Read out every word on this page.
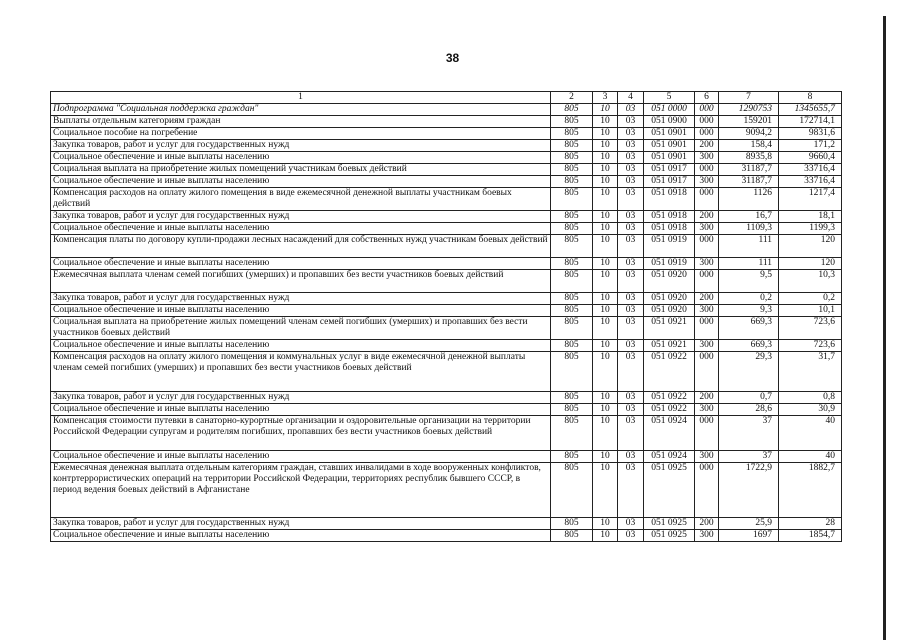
38
1	2	3	4	5	6	7	8
Подпрограмма "Социальная поддержка граждан"	805	10	03	051 0000	000	1290753	1345655,7
Выплаты отдельным категориям граждан	805	10	03	051 0900	000	159201	172714,1
Социальное пособие на погребение	805	10	03	051 0901	000	9094,2	9831,6
Закупка товаров, работ и услуг для государственных нужд	805	10	03	051 0901	200	158,4	171,2
Социальное обеспечение и иные выплаты населению	805	10	03	051 0901	300	8935,8	9660,4
Социальная выплата на приобретение жилых помещений участникам боевых действий	805	10	03	051 0917	000	31187,7	33716,4
Социальное обеспечение и иные выплаты населению	805	10	03	051 0917	300	31187,7	33716,4
Компенсация расходов на оплату жилого помещения в виде ежемесячной денежной выплаты участникам боевых действий	805	10	03	051 0918	000	1126	1217,4
Закупка товаров, работ и услуг для государственных нужд	805	10	03	051 0918	200	16,7	18,1
Социальное обеспечение и иные выплаты населению	805	10	03	051 0918	300	1109,3	1199,3
Компенсация платы по договору купли-продажи лесных насаждений для собственных нужд участникам боевых действий	805	10	03	051 0919	000	111	120
Социальное обеспечение и иные выплаты населению	805	10	03	051 0919	300	111	120
Ежемесячная выплата членам семей погибших (умерших) и пропавших без вести участников боевых действий	805	10	03	051 0920	000	9,5	10,3
Закупка товаров, работ и услуг для государственных нужд	805	10	03	051 0920	200	0,2	0,2
Социальное обеспечение и иные выплаты населению	805	10	03	051 0920	300	9,3	10,1
Социальная выплата на приобретение жилых помещений членам семей погибших (умерших) и пропавших без вести участников боевых действий	805	10	03	051 0921	000	669,3	723,6
Социальное обеспечение и иные выплаты населению	805	10	03	051 0921	300	669,3	723,6
Компенсация расходов на оплату жилого помещения и коммунальных услуг в виде ежемесячной денежной выплаты членам семей погибших (умерших) и пропавших без вести участников боевых действий	805	10	03	051 0922	000	29,3	31,7
Закупка товаров, работ и услуг для государственных нужд	805	10	03	051 0922	200	0,7	0,8
Социальное обеспечение и иные выплаты населению	805	10	03	051 0922	300	28,6	30,9
Компенсация стоимости путевки в санаторно-курортные организации и оздоровительные организации на территории Российской Федерации супругам и родителям погибших, пропавших без вести участников боевых действий	805	10	03	051 0924	000	37	40
Социальное обеспечение и иные выплаты населению	805	10	03	051 0924	300	37	40
Ежемесячная денежная выплата отдельным категориям граждан, ставших инвалидами в ходе вооруженных конфликтов, контртеррористических операций на территории Российской Федерации, территориях республик бывшего СССР, в период ведения боевых действий в Афганистане	805	10	03	051 0925	000	1722,9	1882,7
Закупка товаров, работ и услуг для государственных нужд	805	10	03	051 0925	200	25,9	28
Социальное обеспечение и иные выплаты населению	805	10	03	051 0925	300	1697	1854,7
